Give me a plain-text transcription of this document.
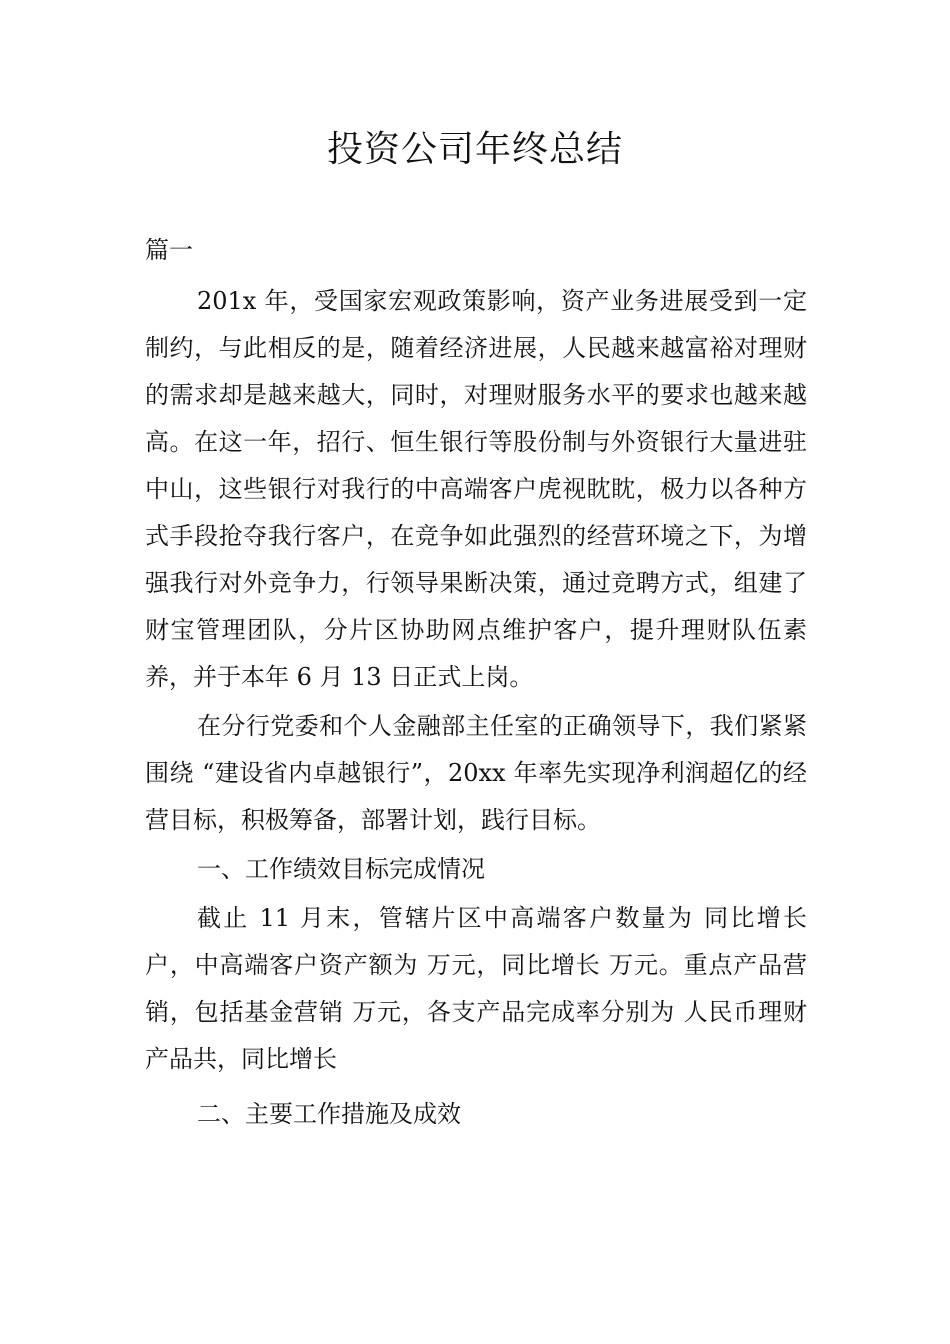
投资公司年终总结

篇一

201x 年，受国家宏观政策影响，资产业务进展受到一定制约，与此相反的是，随着经济进展，人民越来越富裕对理财的需求却是越来越大，同时，对理财服务水平的要求也越来越高。在这一年，招行、恒生银行等股份制与外资银行大量进驻中山，这些银行对我行的中高端客户虎视眈眈，极力以各种方式手段抢夺我行客户，在竞争如此强烈的经营环境之下，为增强我行对外竞争力，行领导果断决策，通过竞聘方式，组建了财宝管理团队，分片区协助网点维护客户，提升理财队伍素养，并于本年 6 月 13 日正式上岗。

在分行党委和个人金融部主任室的正确领导下，我们紧紧围绕 “建设省内卓越银行”，20xx 年率先实现净利润超亿的经营目标，积极筹备，部署计划，践行目标。

一、工作绩效目标完成情况

截止 11 月末，管辖片区中高端客户数量为 同比增长 户，中高端客户资产额为 万元，同比增长 万元。重点产品营销，包括基金营销 万元，各支产品完成率分别为 人民币理财产品共，同比增长

二、主要工作措施及成效
